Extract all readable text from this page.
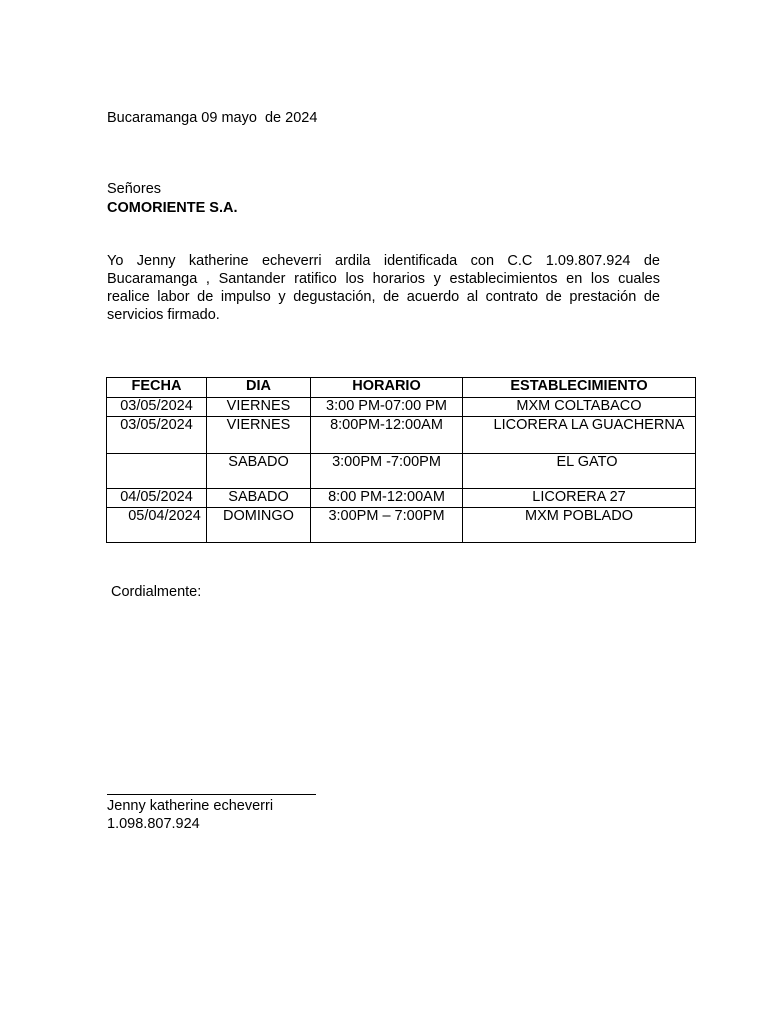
Bucaramanga 09 mayo  de 2024
Señores
COMORIENTE S.A.
Yo Jenny katherine echeverri ardila identificada con C.C 1.09.807.924 de Bucaramanga , Santander ratifico los horarios y establecimientos en los cuales realice labor de impulso y degustación, de acuerdo al contrato de prestación de servicios firmado.
FECHA	DIA	HORARIO	ESTABLECIMIENTO
03/05/2024	VIERNES	3:00 PM-07:00 PM	MXM COLTABACO
03/05/2024	VIERNES	8:00PM-12:00AM	LICORERA LA GUACHERNA
	SABADO	3:00PM -7:00PM	EL GATO

04/05/2024	SABADO	8:00 PM-12:00AM	LICORERA 27
05/04/2024	DOMINGO	3:00PM – 7:00PM	MXM POBLADO
Cordialmente:
Jenny katherine echeverri
1.098.807.924
